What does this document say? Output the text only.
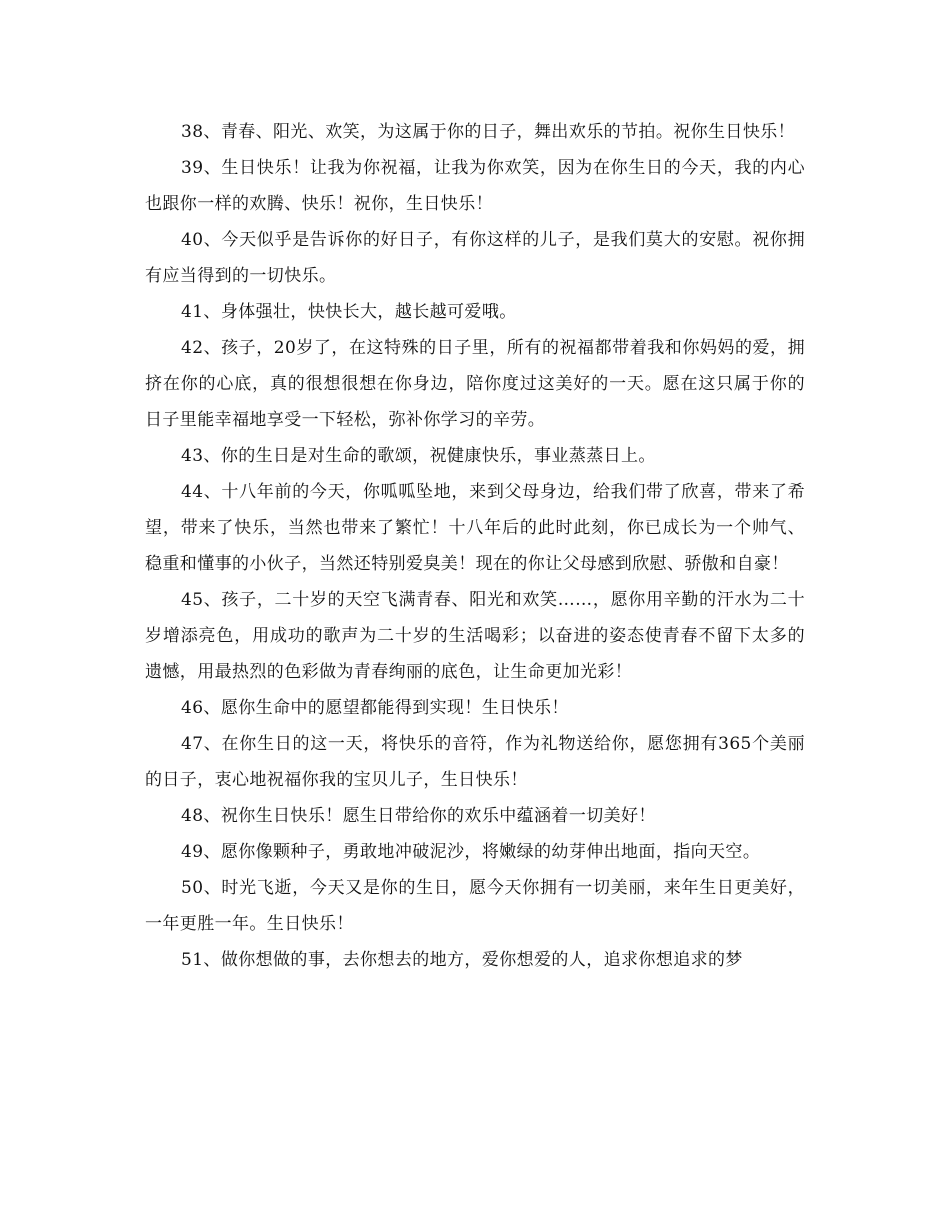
38、青春、阳光、欢笑，为这属于你的日子，舞出欢乐的节拍。祝你生日快乐！

39、生日快乐！让我为你祝福，让我为你欢笑，因为在你生日的今天，我的内心也跟你一样的欢腾、快乐！祝你，生日快乐！

40、今天似乎是告诉你的好日子，有你这样的儿子，是我们莫大的安慰。祝你拥有应当得到的一切快乐。

41、身体强壮，快快长大，越长越可爱哦。

42、孩子，20岁了，在这特殊的日子里，所有的祝福都带着我和你妈妈的爱，拥挤在你的心底，真的很想很想在你身边，陪你度过这美好的一天。愿在这只属于你的日子里能幸福地享受一下轻松，弥补你学习的辛劳。

43、你的生日是对生命的歌颂，祝健康快乐，事业蒸蒸日上。

44、十八年前的今天，你呱呱坠地，来到父母身边，给我们带了欣喜，带来了希望，带来了快乐，当然也带来了繁忙！十八年后的此时此刻，你已成长为一个帅气、稳重和懂事的小伙子，当然还特别爱臭美！现在的你让父母感到欣慰、骄傲和自豪！

45、孩子，二十岁的天空飞满青春、阳光和欢笑……，愿你用辛勤的汗水为二十岁增添亮色，用成功的歌声为二十岁的生活喝彩；以奋进的姿态使青春不留下太多的遗憾，用最热烈的色彩做为青春绚丽的底色，让生命更加光彩！

46、愿你生命中的愿望都能得到实现！生日快乐！

47、在你生日的这一天，将快乐的音符，作为礼物送给你，愿您拥有365个美丽的日子，衷心地祝福你我的宝贝儿子，生日快乐！

48、祝你生日快乐！愿生日带给你的欢乐中蕴涵着一切美好！

49、愿你像颗种子，勇敢地冲破泥沙，将嫩绿的幼芽伸出地面，指向天空。

50、时光飞逝，今天又是你的生日，愿今天你拥有一切美丽，来年生日更美好，一年更胜一年。生日快乐！

51、做你想做的事，去你想去的地方，爱你想爱的人，追求你想追求的梦
